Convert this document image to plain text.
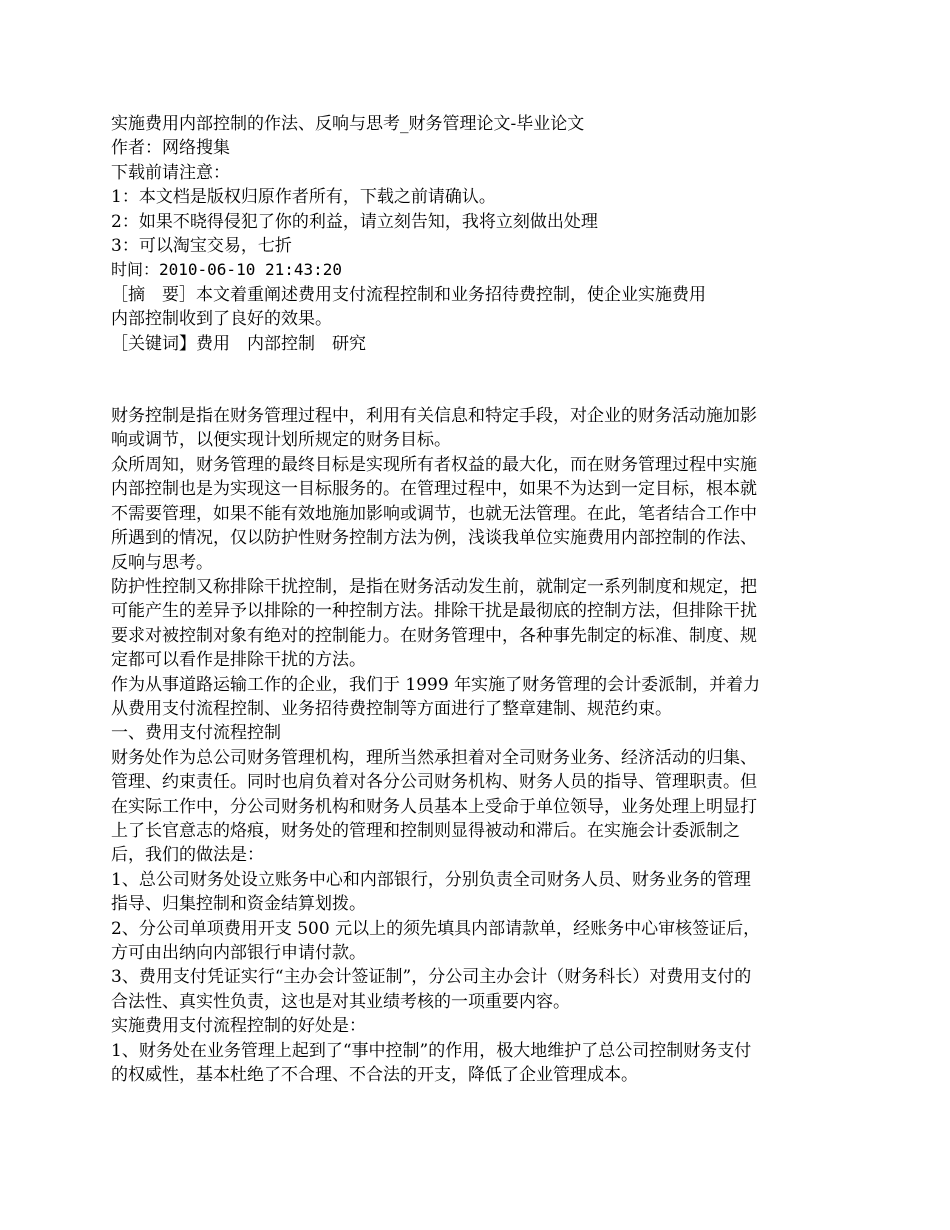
实施费用内部控制的作法、反响与思考_财务管理论文-毕业论文
作者：网络搜集
下载前请注意：
1：本文档是版权归原作者所有，下载之前请确认。
2：如果不晓得侵犯了你的利益，请立刻告知，我将立刻做出处理
3：可以淘宝交易，七折
时间：2010-06-10 21:43:20
［摘　要］本文着重阐述费用支付流程控制和业务招待费控制，使企业实施费用
内部控制收到了良好的效果。
［关键词】费用　内部控制　研究
财务控制是指在财务管理过程中，利用有关信息和特定手段，对企业的财务活动施加影响或调节，以便实现计划所规定的财务目标。
众所周知，财务管理的最终目标是实现所有者权益的最大化，而在财务管理过程中实施内部控制也是为实现这一目标服务的。在管理过程中，如果不为达到一定目标，根本就不需要管理，如果不能有效地施加影响或调节，也就无法管理。在此，笔者结合工作中所遇到的情况，仅以防护性财务控制方法为例，浅谈我单位实施费用内部控制的作法、反响与思考。
防护性控制又称排除干扰控制，是指在财务活动发生前，就制定一系列制度和规定，把可能产生的差异予以排除的一种控制方法。排除干扰是最彻底的控制方法，但排除干扰要求对被控制对象有绝对的控制能力。在财务管理中，各种事先制定的标准、制度、规定都可以看作是排除干扰的方法。
作为从事道路运输工作的企业，我们于 1999 年实施了财务管理的会计委派制，并着力从费用支付流程控制、业务招待费控制等方面进行了整章建制、规范约束。
一、费用支付流程控制
财务处作为总公司财务管理机构，理所当然承担着对全司财务业务、经济活动的归集、管理、约束责任。同时也肩负着对各分公司财务机构、财务人员的指导、管理职责。但在实际工作中，分公司财务机构和财务人员基本上受命于单位领导，业务处理上明显打上了长官意志的烙痕，财务处的管理和控制则显得被动和滞后。在实施会计委派制之后，我们的做法是：
1、总公司财务处设立账务中心和内部银行，分别负责全司财务人员、财务业务的管理指导、归集控制和资金结算划拨。
2、分公司单项费用开支 500 元以上的须先填具内部请款单，经账务中心审核签证后，方可由出纳向内部银行申请付款。
3、费用支付凭证实行“主办会计签证制”，分公司主办会计（财务科长）对费用支付的合法性、真实性负责，这也是对其业绩考核的一项重要内容。
实施费用支付流程控制的好处是：
1、财务处在业务管理上起到了“事中控制”的作用，极大地维护了总公司控制财务支付的权威性，基本杜绝了不合理、不合法的开支，降低了企业管理成本。
